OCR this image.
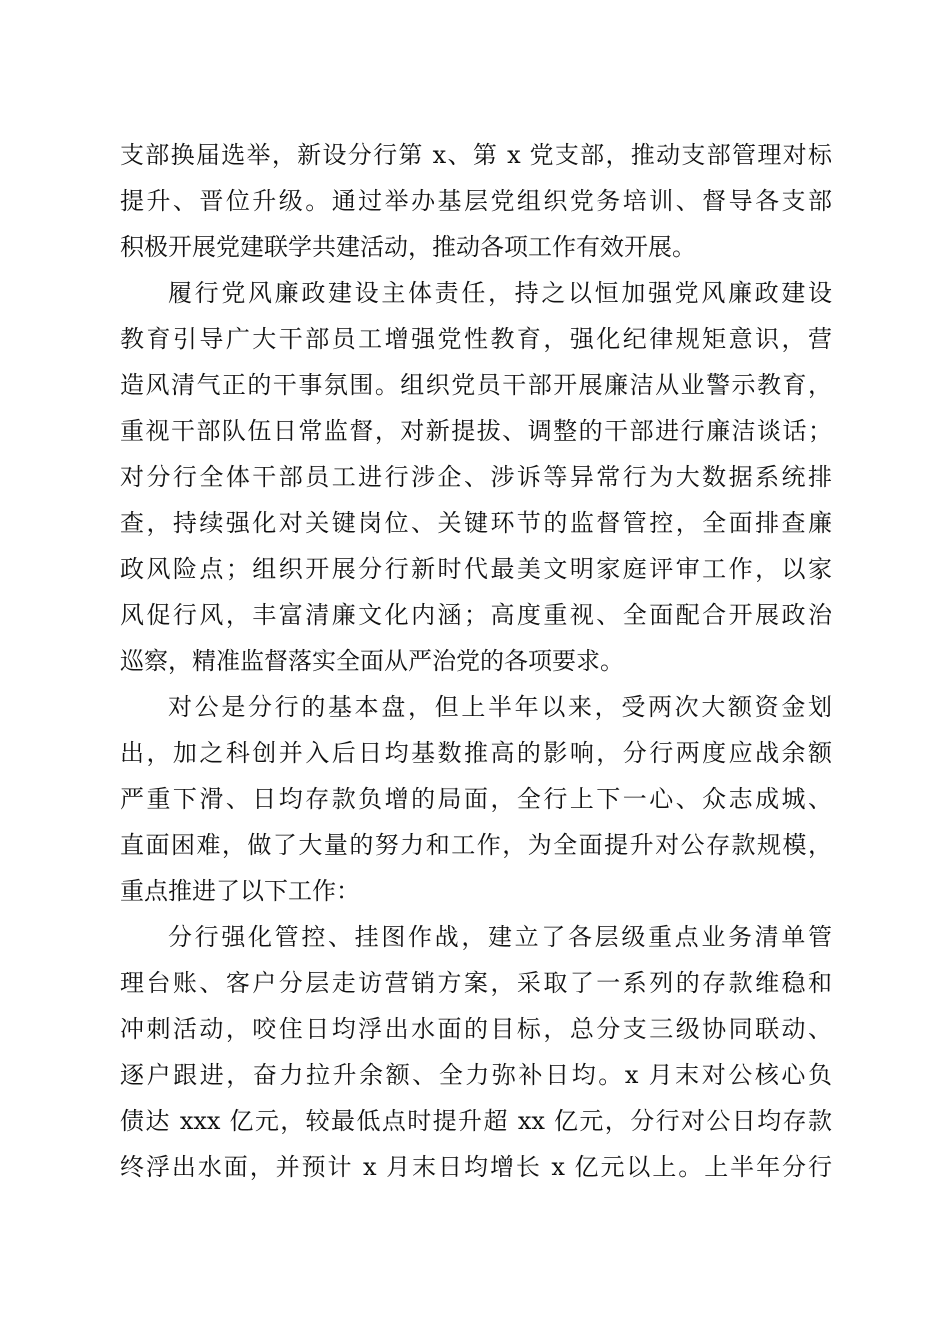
支部换届选举，新设分行第 x、第 x 党支部，推动支部管理对标
提升、晋位升级。通过举办基层党组织党务培训、督导各支部
积极开展党建联学共建活动，推动各项工作有效开展。
履行党风廉政建设主体责任，持之以恒加强党风廉政建设
教育引导广大干部员工增强党性教育，强化纪律规矩意识，营
造风清气正的干事氛围。组织党员干部开展廉洁从业警示教育，
重视干部队伍日常监督，对新提拔、调整的干部进行廉洁谈话；
对分行全体干部员工进行涉企、涉诉等异常行为大数据系统排
查，持续强化对关键岗位、关键环节的监督管控，全面排查廉
政风险点；组织开展分行新时代最美文明家庭评审工作，以家
风促行风，丰富清廉文化内涵；高度重视、全面配合开展政治
巡察，精准监督落实全面从严治党的各项要求。
对公是分行的基本盘，但上半年以来，受两次大额资金划
出，加之科创并入后日均基数推高的影响，分行两度应战余额
严重下滑、日均存款负增的局面，全行上下一心、众志成城、
直面困难，做了大量的努力和工作，为全面提升对公存款规模，
重点推进了以下工作：
分行强化管控、挂图作战，建立了各层级重点业务清单管
理台账、客户分层走访营销方案，采取了一系列的存款维稳和
冲刺活动，咬住日均浮出水面的目标，总分支三级协同联动、
逐户跟进，奋力拉升余额、全力弥补日均。x 月末对公核心负
债达 xxx 亿元，较最低点时提升超 xx 亿元，分行对公日均存款
终浮出水面，并预计 x 月末日均增长 x 亿元以上。上半年分行
